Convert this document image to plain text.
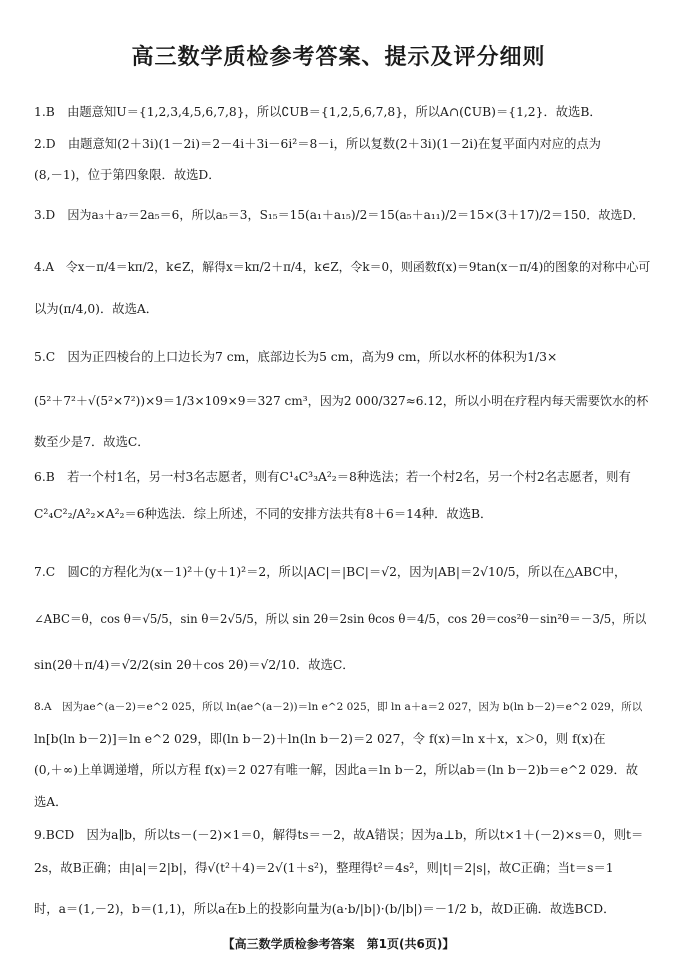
高三数学质检参考答案、提示及评分细则
1.B　由题意知U＝{1,2,3,4,5,6,7,8}，所以∁UB＝{1,2,5,6,7,8}，所以A∩(∁UB)＝{1,2}．故选B．
2.D　由题意知(2＋3i)(1－2i)＝2－4i＋3i－6i²＝8－i，所以复数(2＋3i)(1－2i)在复平面内对应的点为
(8,－1)，位于第四象限．故选D．
3.D　因为a₃＋a₇＝2a₅＝6，所以a₅＝3，S₁₅＝15(a₁＋a₁₅)/2＝15(a₅＋a₁₁)/2＝15×(3＋17)/2＝150．故选D．
4.A　令x－π/4＝kπ/2，k∈Z，解得x＝kπ/2＋π/4，k∈Z，令k＝0，则函数f(x)＝9tan(x－π/4)的图象的对称中心可
以为(π/4,0)．故选A．
5.C　因为正四棱台的上口边长为7 cm，底部边长为5 cm，高为9 cm，所以水杯的体积为1/3×
(5²＋7²＋√(5²×7²))×9＝1/3×109×9＝327 cm³，因为2 000/327≈6.12，所以小明在疗程内每天需要饮水的杯
数至少是7．故选C．
6.B　若一个村1名，另一村3名志愿者，则有C¹₄C³₃A²₂＝8种选法；若一个村2名，另一个村2名志愿者，则有
C²₄C²₂/A²₂×A²₂＝6种选法．综上所述，不同的安排方法共有8＋6＝14种．故选B．
7.C　圆C的方程化为(x－1)²＋(y＋1)²＝2，所以|AC|＝|BC|＝√2，因为|AB|＝2√10/5，所以在△ABC中，
∠ABC＝θ，cos θ＝√5/5，sin θ＝2√5/5，所以 sin 2θ＝2sin θcos θ＝4/5，cos 2θ＝cos²θ－sin²θ＝－3/5，所以
sin(2θ＋π/4)＝√2/2(sin 2θ＋cos 2θ)＝√2/10．故选C．
8.A　因为ae^(a－2)＝e^2 025，所以 ln(ae^(a－2))＝ln e^2 025，即 ln a＋a＝2 027，因为 b(ln b－2)＝e^2 029，所以
ln[b(ln b－2)]＝ln e^2 029，即(ln b－2)＋ln(ln b－2)＝2 027，令 f(x)＝ln x＋x，x＞0，则 f(x)在
(0,＋∞)上单调递增，所以方程 f(x)＝2 027有唯一解，因此a＝ln b－2，所以ab＝(ln b－2)b＝e^2 029．故
选A．
9.BCD　因为a∥b，所以ts－(－2)×1＝0，解得ts＝－2，故A错误；因为a⊥b，所以t×1＋(－2)×s＝0，则t＝
2s，故B正确；由|a|＝2|b|，得√(t²＋4)＝2√(1＋s²)，整理得t²＝4s²，则|t|＝2|s|，故C正确；当t＝s＝1
时，a＝(1,－2)，b＝(1,1)，所以a在b上的投影向量为(a·b/|b|)·(b/|b|)＝－1/2 b，故D正确．故选BCD．
【高三数学质检参考答案　第1页(共6页)】
